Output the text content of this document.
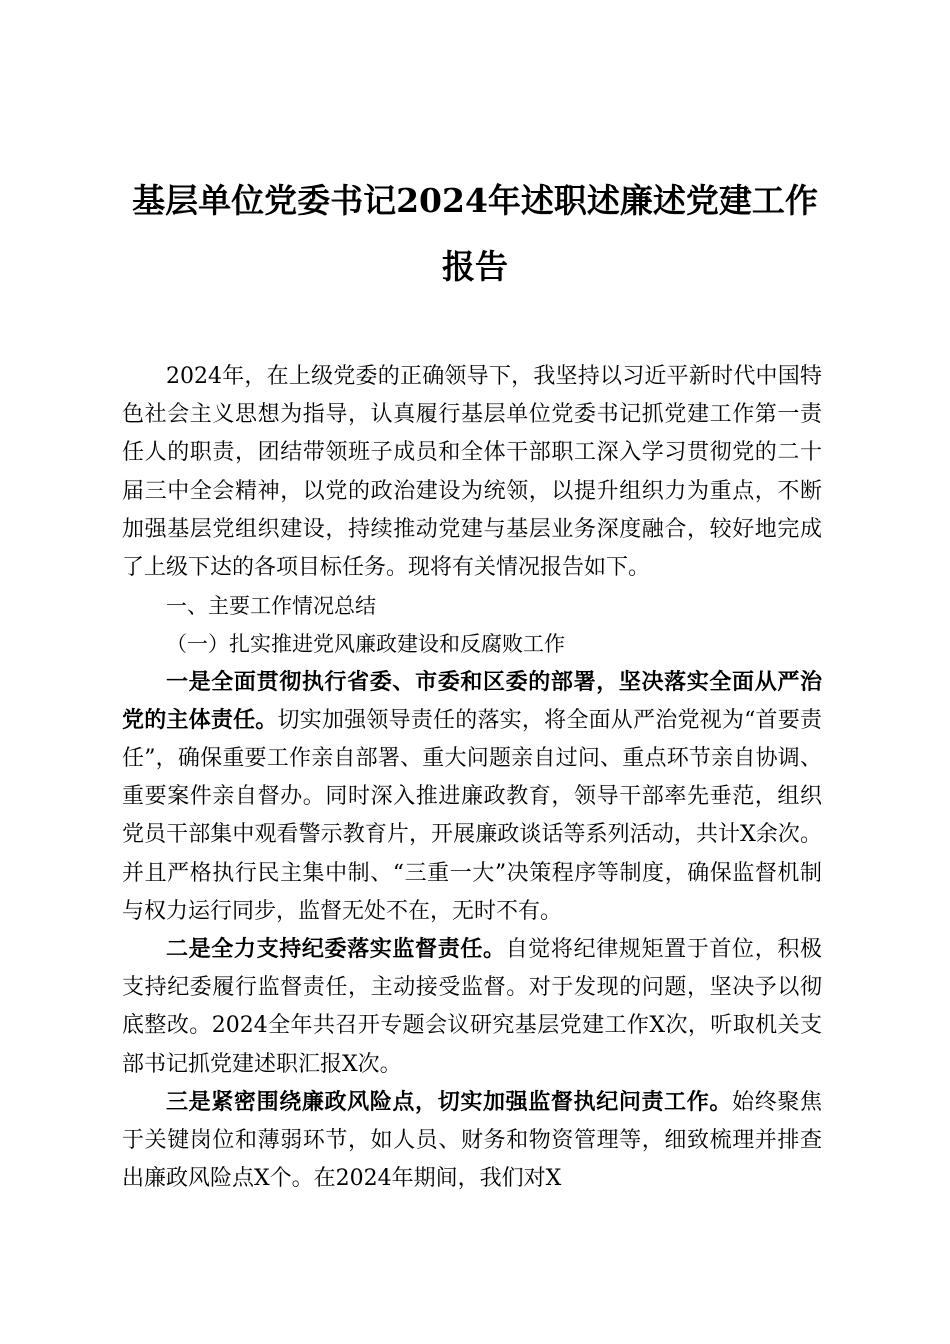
基层单位党委书记2024年述职述廉述党建工作报告

2024年，在上级党委的正确领导下，我坚持以习近平新时代中国特色社会主义思想为指导，认真履行基层单位党委书记抓党建工作第一责任人的职责，团结带领班子成员和全体干部职工深入学习贯彻党的二十届三中全会精神，以党的政治建设为统领，以提升组织力为重点，不断加强基层党组织建设，持续推动党建与基层业务深度融合，较好地完成了上级下达的各项目标任务。现将有关情况报告如下。

一、主要工作情况总结

（一）扎实推进党风廉政建设和反腐败工作

一是全面贯彻执行省委、市委和区委的部署，坚决落实全面从严治党的主体责任。切实加强领导责任的落实，将全面从严治党视为“首要责任”，确保重要工作亲自部署、重大问题亲自过问、重点环节亲自协调、重要案件亲自督办。同时深入推进廉政教育，领导干部率先垂范，组织党员干部集中观看警示教育片，开展廉政谈话等系列活动，共计X余次。并且严格执行民主集中制、“三重一大”决策程序等制度，确保监督机制与权力运行同步，监督无处不在，无时不有。

二是全力支持纪委落实监督责任。自觉将纪律规矩置于首位，积极支持纪委履行监督责任，主动接受监督。对于发现的问题，坚决予以彻底整改。2024全年共召开专题会议研究基层党建工作X次，听取机关支部书记抓党建述职汇报X次。

三是紧密围绕廉政风险点，切实加强监督执纪问责工作。始终聚焦于关键岗位和薄弱环节，如人员、财务和物资管理等，细致梳理并排查出廉政风险点X个。在2024年期间，我们对X
